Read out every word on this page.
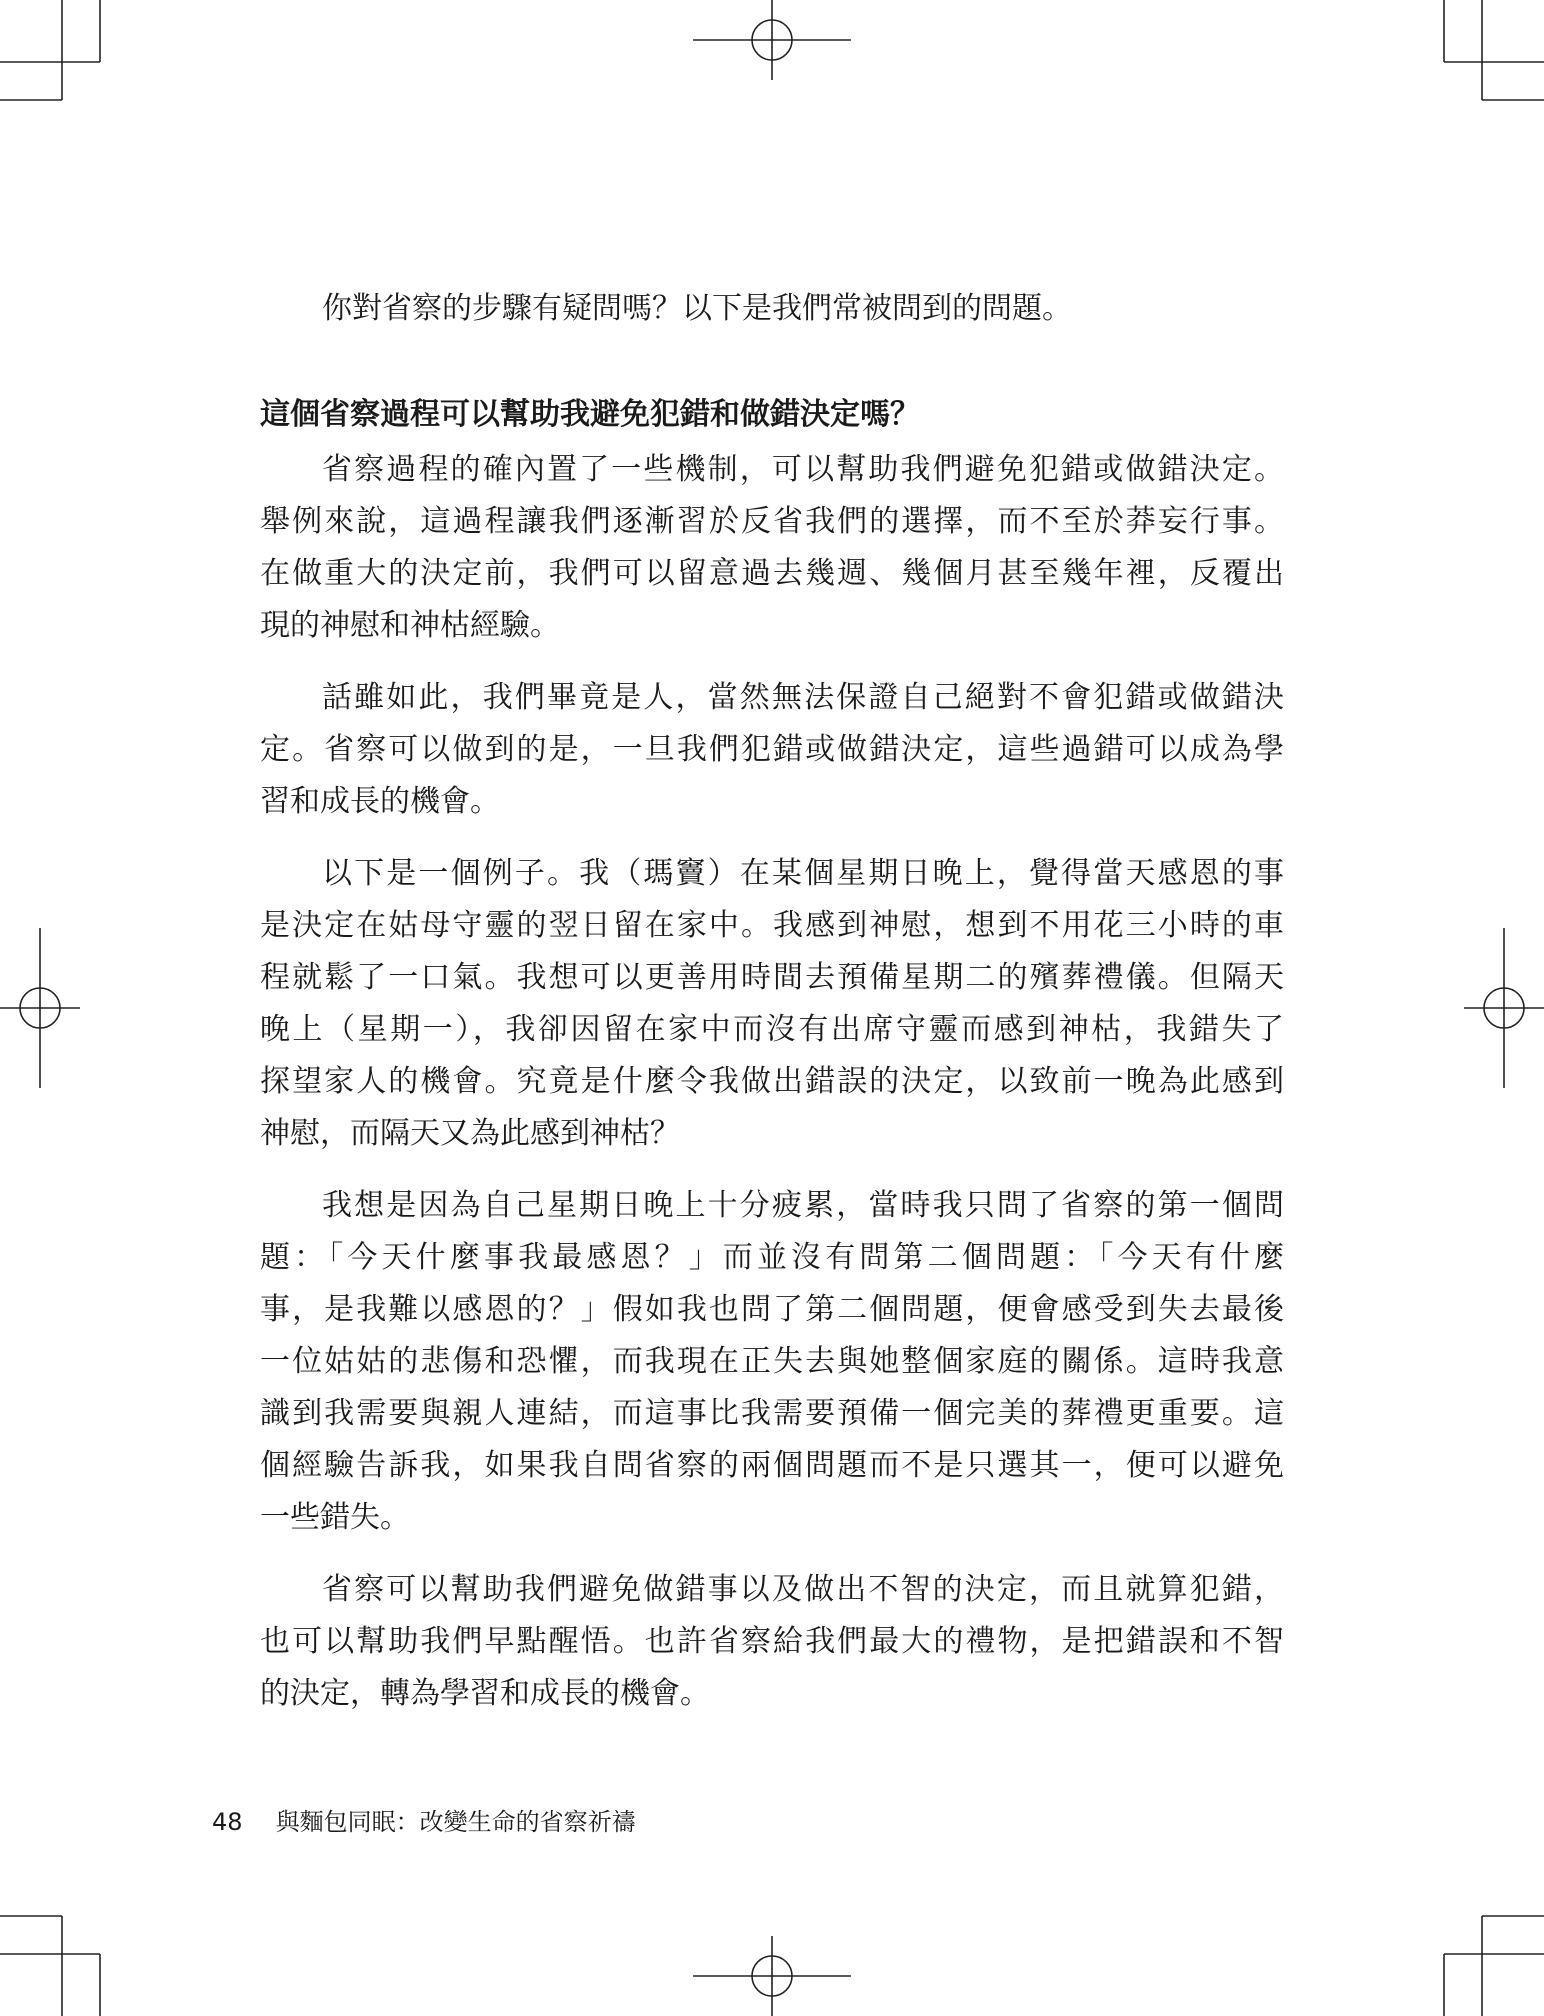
你對省察的步驟有疑問嗎？以下是我們常被問到的問題。

這個省察過程可以幫助我避免犯錯和做錯決定嗎？
省察過程的確內置了一些機制，可以幫助我們避免犯錯或做錯決定。
舉例來說，這過程讓我們逐漸習於反省我們的選擇，而不至於莽妄行事。
在做重大的決定前，我們可以留意過去幾週、幾個月甚至幾年裡，反覆出
現的神慰和神枯經驗。
話雖如此，我們畢竟是人，當然無法保證自己絕對不會犯錯或做錯決
定。省察可以做到的是，一旦我們犯錯或做錯決定，這些過錯可以成為學
習和成長的機會。
以下是一個例子。我（瑪竇）在某個星期日晚上，覺得當天感恩的事
是決定在姑母守靈的翌日留在家中。我感到神慰，想到不用花三小時的車
程就鬆了一口氣。我想可以更善用時間去預備星期二的殯葬禮儀。但隔天
晚上（星期一），我卻因留在家中而沒有出席守靈而感到神枯，我錯失了
探望家人的機會。究竟是什麼令我做出錯誤的決定，以致前一晚為此感到
神慰，而隔天又為此感到神枯？
我想是因為自己星期日晚上十分疲累，當時我只問了省察的第一個問
題：「今天什麼事我最感恩？」而並沒有問第二個問題：「今天有什麼
事，是我難以感恩的？」假如我也問了第二個問題，便會感受到失去最後
一位姑姑的悲傷和恐懼，而我現在正失去與她整個家庭的關係。這時我意
識到我需要與親人連結，而這事比我需要預備一個完美的葬禮更重要。這
個經驗告訴我，如果我自問省察的兩個問題而不是只選其一，便可以避免
一些錯失。
省察可以幫助我們避免做錯事以及做出不智的決定，而且就算犯錯，
也可以幫助我們早點醒悟。也許省察給我們最大的禮物，是把錯誤和不智
的決定，轉為學習和成長的機會。
48 與麵包同眠：改變生命的省察祈禱
